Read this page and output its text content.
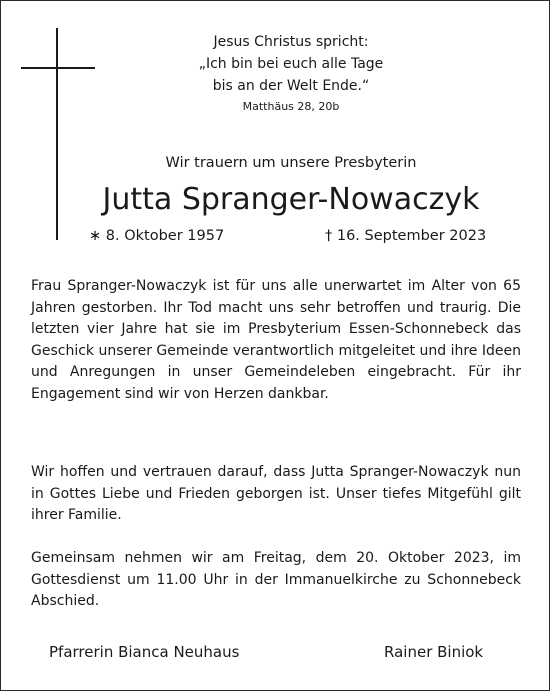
Jesus Christus spricht:
„Ich bin bei euch alle Tage
bis an der Welt Ende.“
Matthäus 28, 20b
Wir trauern um unsere Presbyterin
Jutta Spranger-Nowaczyk
∗ 8. Oktober 1957	† 16. September 2023
Frau Spranger-Nowaczyk ist für uns alle unerwartet im Alter von 65 Jahren gestorben. Ihr Tod macht uns sehr betroffen und traurig. Die letzten vier Jahre hat sie im Presbyterium Essen-Schonnebeck das Geschick unserer Gemeinde verantwortlich mitgeleitet und ihre Ideen und Anregungen in unser Gemeindeleben eingebracht. Für ihr Engagement sind wir von Herzen dankbar.
Wir hoffen und vertrauen darauf, dass Jutta Spranger-Nowaczyk nun in Gottes Liebe und Frieden geborgen ist. Unser tiefes Mitgefühl gilt ihrer Familie.
Gemeinsam nehmen wir am Freitag, dem 20. Oktober 2023, im Gottesdienst um 11.00 Uhr in der Immanuelkirche zu Schonnebeck Abschied.
Pfarrerin Bianca Neuhaus	Rainer Biniok
